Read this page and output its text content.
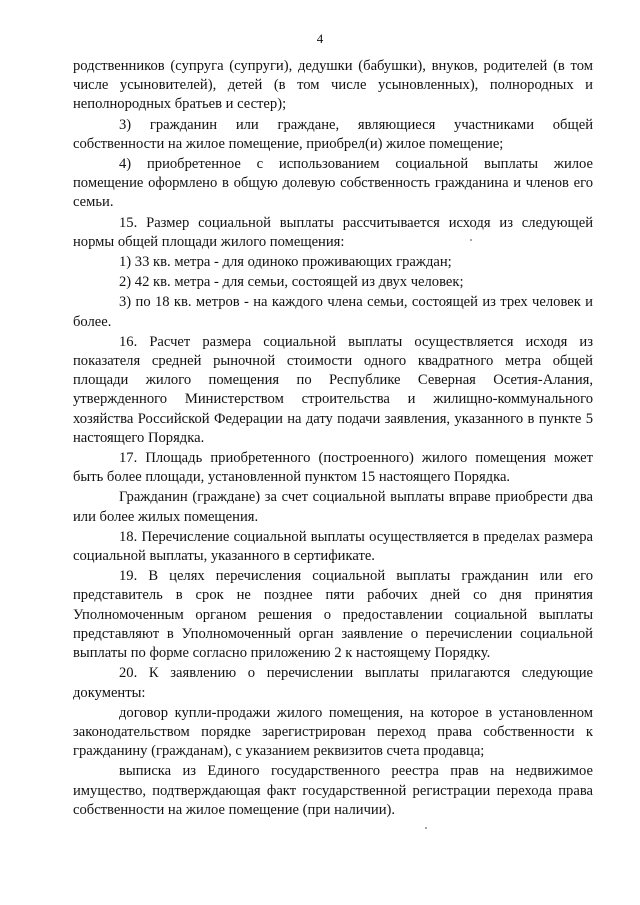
4

родственников (супруга (супруги), дедушки (бабушки), внуков, родителей (в том числе усыновителей), детей (в том числе усыновленных), полнородных и неполнородных братьев и сестер);

3) гражданин или граждане, являющиеся участниками общей собственности на жилое помещение, приобрел(и) жилое помещение;

4) приобретенное с использованием социальной выплаты жилое помещение оформлено в общую долевую собственность гражданина и членов его семьи.

15. Размер социальной выплаты рассчитывается исходя из следующей нормы общей площади жилого помещения:

1) 33 кв. метра - для одиноко проживающих граждан;

2) 42 кв. метра - для семьи, состоящей из двух человек;

3) по 18 кв. метров - на каждого члена семьи, состоящей из трех человек и более.

16. Расчет размера социальной выплаты осуществляется исходя из показателя средней рыночной стоимости одного квадратного метра общей площади жилого помещения по Республике Северная Осетия-Алания, утвержденного Министерством строительства и жилищно-коммунального хозяйства Российской Федерации на дату подачи заявления, указанного в пункте 5 настоящего Порядка.

17. Площадь приобретенного (построенного) жилого помещения может быть более площади, установленной пунктом 15 настоящего Порядка.

Гражданин (граждане) за счет социальной выплаты вправе приобрести два или более жилых помещения.

18. Перечисление социальной выплаты осуществляется в пределах размера социальной выплаты, указанного в сертификате.

19. В целях перечисления социальной выплаты гражданин или его представитель в срок не позднее пяти рабочих дней со дня принятия Уполномоченным органом решения о предоставлении социальной выплаты представляют в Уполномоченный орган заявление о перечислении социальной выплаты по форме согласно приложению 2 к настоящему Порядку.

20. К заявлению о перечислении выплаты прилагаются следующие документы:

договор купли-продажи жилого помещения, на которое в установленном законодательством порядке зарегистрирован переход права собственности к гражданину (гражданам), с указанием реквизитов счета продавца;

выписка из Единого государственного реестра прав на недвижимое имущество, подтверждающая факт государственной регистрации перехода права собственности на жилое помещение (при наличии).
